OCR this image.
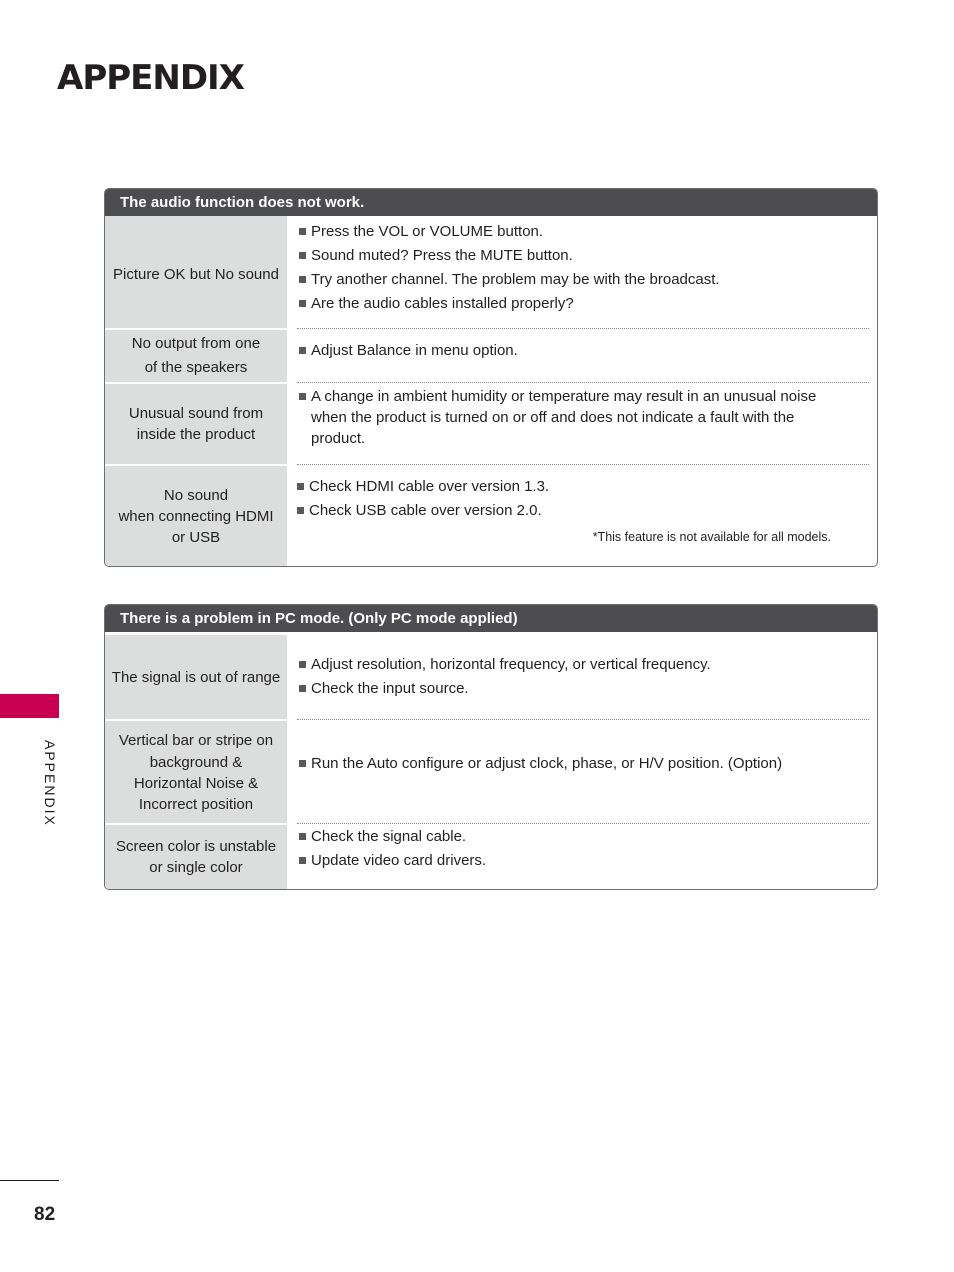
APPENDIX
The audio function does not work.
Picture OK but No sound
Press the VOL or VOLUME button.
Sound muted? Press the MUTE button.
Try another channel. The problem may be with the broadcast.
Are the audio cables installed properly?
No output from one
of the speakers
Adjust Balance in menu option.
Unusual sound from
inside the product
A change in ambient humidity or temperature may result in an unusual noise when the product is turned on or off and does not indicate a fault with the product.
No sound
when connecting HDMI
or USB
Check HDMI cable over version 1.3.
Check USB cable over version 2.0.
*This feature is not available for all models.
There is a problem in PC mode. (Only PC mode applied)
The signal is out of range
Adjust resolution, horizontal frequency, or vertical frequency.
Check the input source.
Vertical bar or stripe on
background &
Horizontal Noise &
Incorrect position
Run the Auto configure or adjust clock, phase, or H/V position. (Option)
Screen color is unstable
or single color
Check the signal cable.
Update video card drivers.
APPENDIX
82
